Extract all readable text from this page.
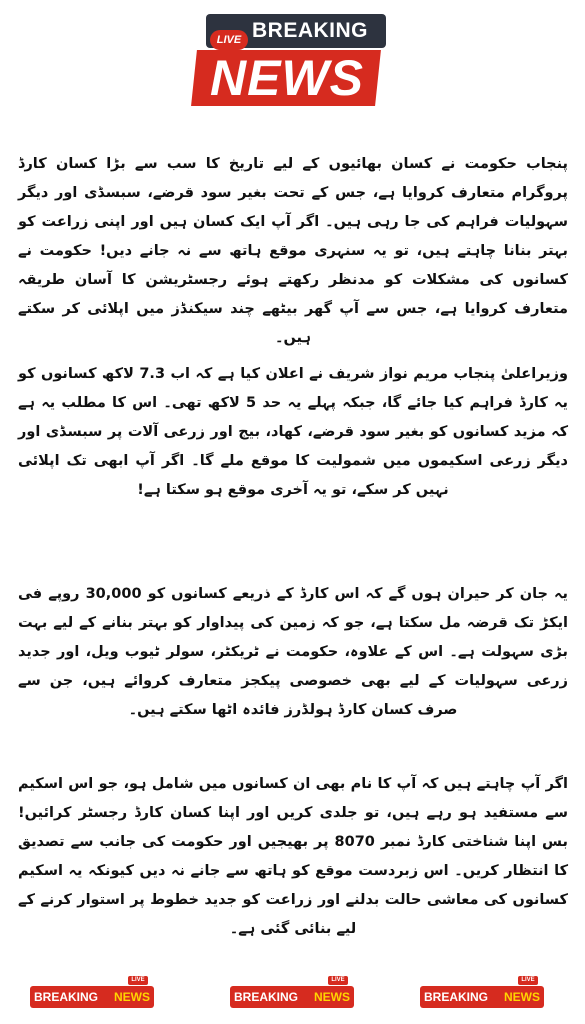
LIVE BREAKING
NEWS

پنجاب حکومت نے کسان بھائیوں کے لیے تاریخ کا سب سے بڑا کسان کارڈ پروگرام متعارف کروایا ہے، جس کے تحت بغیر سود قرضے، سبسڈی اور دیگر سہولیات فراہم کی جا رہی ہیں۔ اگر آپ ایک کسان ہیں اور اپنی زراعت کو بہتر بنانا چاہتے ہیں، تو یہ سنہری موقع ہاتھ سے نہ جانے دیں! حکومت نے کسانوں کی مشکلات کو مدنظر رکھتے ہوئے رجسٹریشن کا آسان طریقہ متعارف کروایا ہے، جس سے آپ گھر بیٹھے چند سیکنڈز میں اپلائی کر سکتے ہیں۔

وزیراعلیٰ پنجاب مریم نواز شریف نے اعلان کیا ہے کہ اب 7.3 لاکھ کسانوں کو یہ کارڈ فراہم کیا جائے گا، جبکہ پہلے یہ حد 5 لاکھ تھی۔ اس کا مطلب یہ ہے کہ مزید کسانوں کو بغیر سود قرضے، کھاد، بیج اور زرعی آلات پر سبسڈی اور دیگر زرعی اسکیموں میں شمولیت کا موقع ملے گا۔ اگر آپ ابھی تک اپلائی نہیں کر سکے، تو یہ آخری موقع ہو سکتا ہے!

یہ جان کر حیران ہوں گے کہ اس کارڈ کے ذریعے کسانوں کو 30,000 روپے فی ایکڑ تک قرضہ مل سکتا ہے، جو کہ زمین کی پیداوار کو بہتر بنانے کے لیے بہت بڑی سہولت ہے۔ اس کے علاوہ، حکومت نے ٹریکٹر، سولر ٹیوب ویل، اور جدید زرعی سہولیات کے لیے بھی خصوصی پیکجز متعارف کروائے ہیں، جن سے صرف کسان کارڈ ہولڈرز فائدہ اٹھا سکتے ہیں۔

اگر آپ چاہتے ہیں کہ آپ کا نام بھی ان کسانوں میں شامل ہو، جو اس اسکیم سے مستفید ہو رہے ہیں، تو جلدی کریں اور اپنا کسان کارڈ رجسٹر کرائیں! بس اپنا شناختی کارڈ نمبر 8070 پر بھیجیں اور حکومت کی جانب سے تصدیق کا انتظار کریں۔ اس زبردست موقع کو ہاتھ سے جانے نہ دیں کیونکہ یہ اسکیم کسانوں کی معاشی حالت بدلنے اور زراعت کو جدید خطوط پر استوار کرنے کے لیے بنائی گئی ہے۔

LIVE
BREAKING NEWS
LIVE
BREAKING NEWS
LIVE
BREAKING NEWS
